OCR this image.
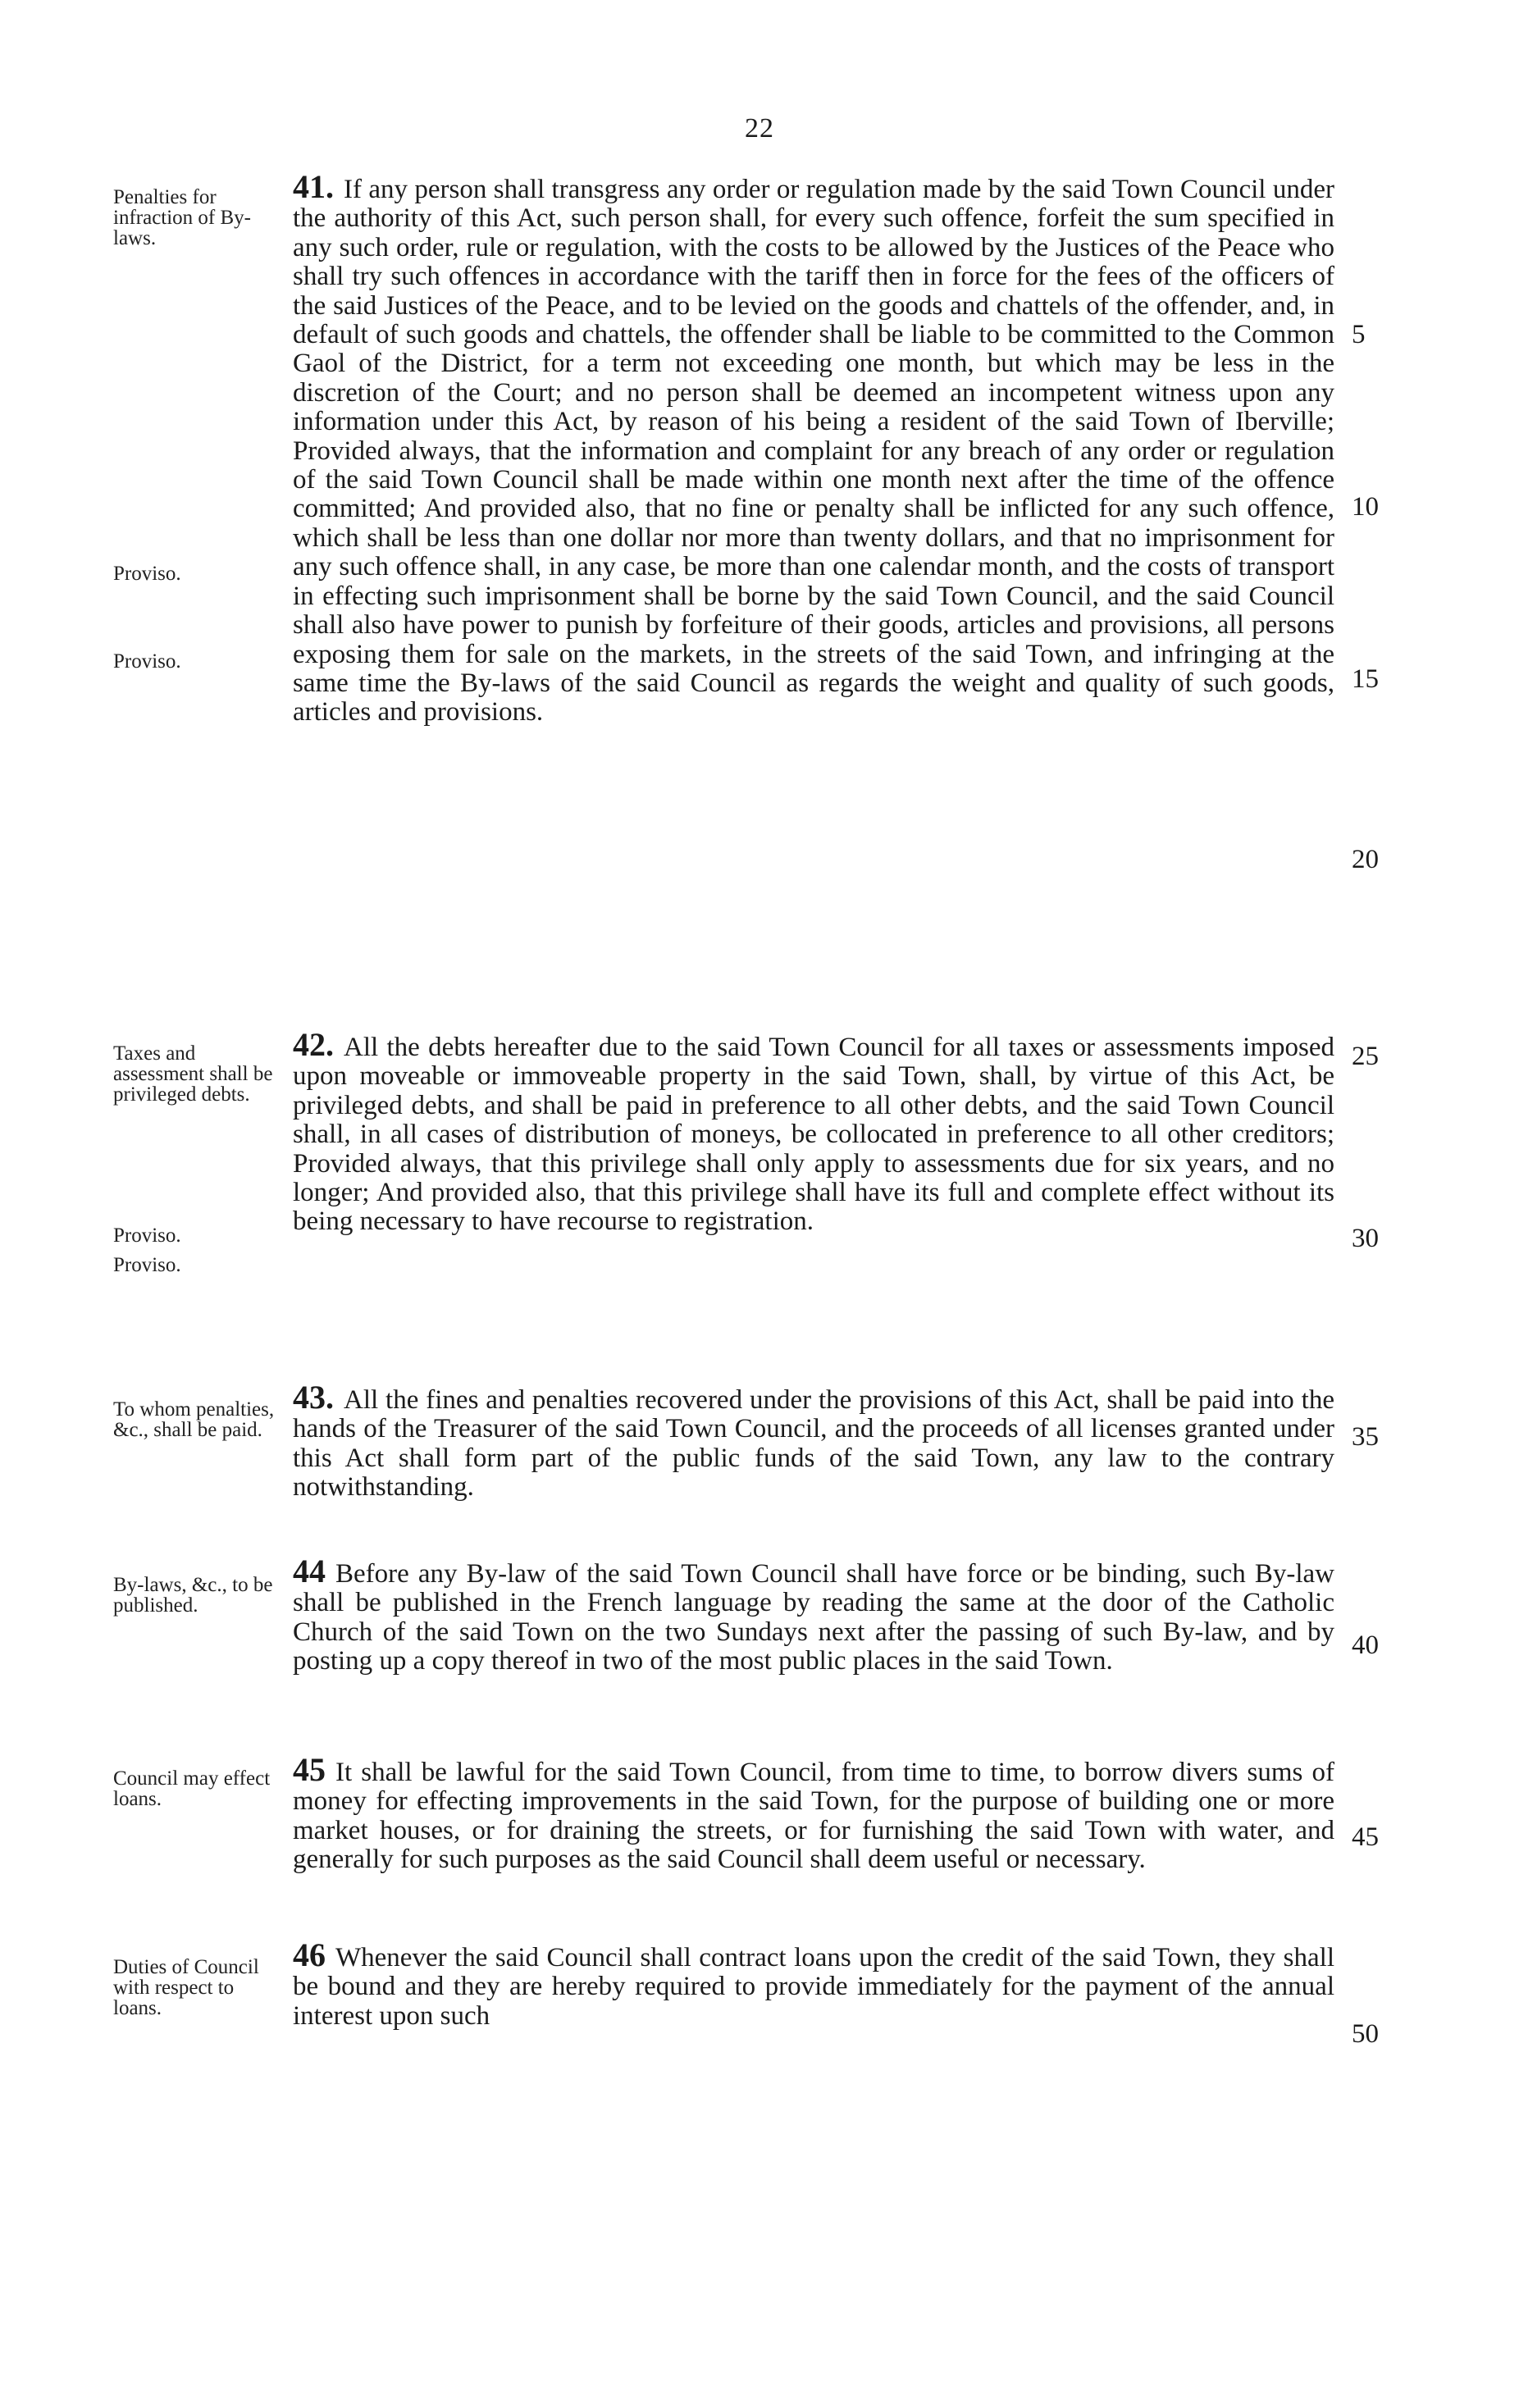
22
Penalties for infraction of By-laws.
Proviso.
Proviso.
Taxes and assessment shall be privileged debts.
Proviso.
Proviso.
To whom penalties, &c., shall be paid.
By-laws, &c., to be published.
Council may effect loans.
Duties of Council with respect to loans.
41. If any person shall transgress any order or regulation made by the said Town Council under the authority of this Act, such person shall, for every such offence, forfeit the sum specified in any such order, rule or regulation, with the costs to be allowed by the Justices of the Peace who shall try such offences in accordance with the tariff then in force for the fees of the officers of the said Justices of the Peace, and to be levied on the goods and chattels of the offender, and, in default of such goods and chattels, the offender shall be liable to be committed to the Common Gaol of the District, for a term not exceeding one month, but which may be less in the discretion of the Court; and no person shall be deemed an incompetent witness upon any information under this Act, by reason of his being a resident of the said Town of Iberville; Provided always, that the information and complaint for any breach of any order or regulation of the said Town Council shall be made within one month next after the time of the offence committed; And provided also, that no fine or penalty shall be inflicted for any such offence, which shall be less than one dollar nor more than twenty dollars, and that no imprisonment for any such offence shall, in any case, be more than one calendar month, and the costs of transport in effecting such imprisonment shall be borne by the said Town Council, and the said Council shall also have power to punish by forfeiture of their goods, articles and provisions, all persons exposing them for sale on the markets, in the streets of the said Town, and infringing at the same time the By-laws of the said Council as regards the weight and quality of such goods, articles and provisions.
42. All the debts hereafter due to the said Town Council for all taxes or assessments imposed upon moveable or immoveable property in the said Town, shall, by virtue of this Act, be privileged debts, and shall be paid in preference to all other debts, and the said Town Council shall, in all cases of distribution of moneys, be collocated in preference to all other creditors; Provided always, that this privilege shall only apply to assessments due for six years, and no longer; And provided also, that this privilege shall have its full and complete effect without its being necessary to have recourse to registration.
43. All the fines and penalties recovered under the provisions of this Act, shall be paid into the hands of the Treasurer of the said Town Council, and the proceeds of all licenses granted under this Act shall form part of the public funds of the said Town, any law to the contrary notwithstanding.
44 Before any By-law of the said Town Council shall have force or be binding, such By-law shall be published in the French language by reading the same at the door of the Catholic Church of the said Town on the two Sundays next after the passing of such By-law, and by posting up a copy thereof in two of the most public places in the said Town.
45 It shall be lawful for the said Town Council, from time to time, to borrow divers sums of money for effecting improvements in the said Town, for the purpose of building one or more market houses, or for draining the streets, or for furnishing the said Town with water, and generally for such purposes as the said Council shall deem useful or necessary.
46 Whenever the said Council shall contract loans upon the credit of the said Town, they shall be bound and they are hereby required to provide immediately for the payment of the annual interest upon such
5
10
15
20
25
30
35
40
45
50
